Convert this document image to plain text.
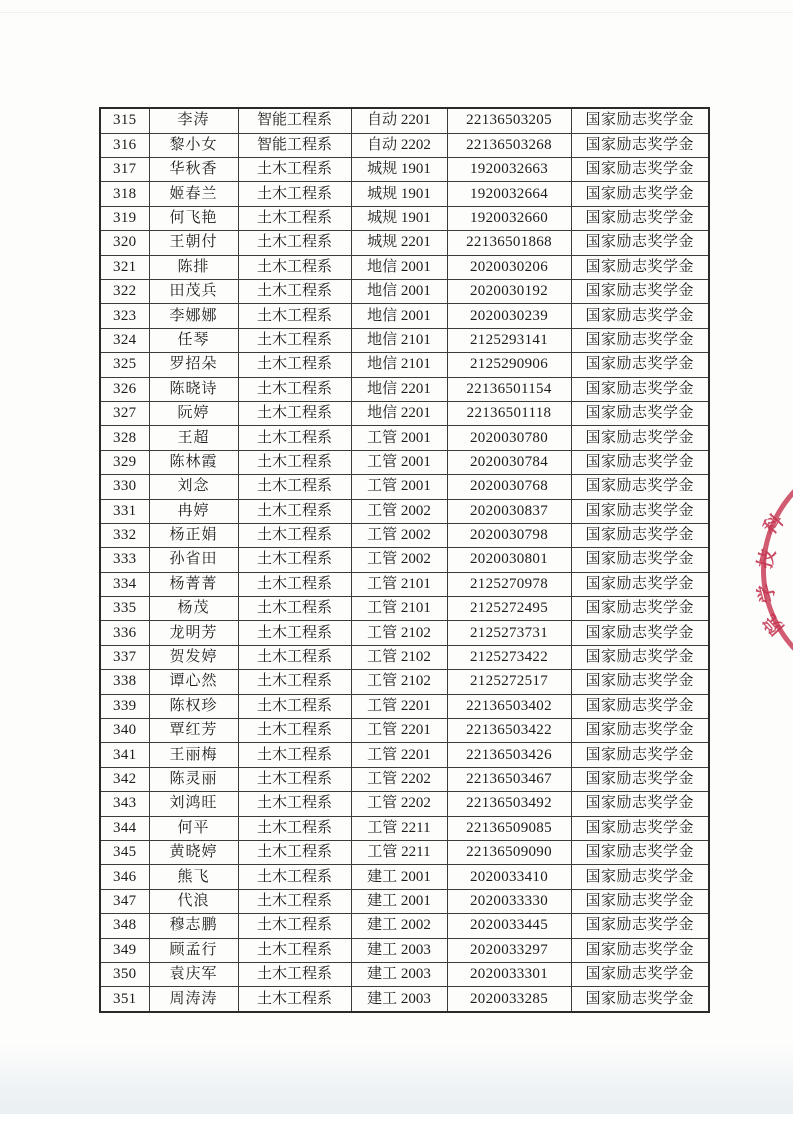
315	李涛	智能工程系	自动 2201	22136503205	国家励志奖学金
316	黎小女	智能工程系	自动 2202	22136503268	国家励志奖学金
317	华秋香	土木工程系	城规 1901	1920032663	国家励志奖学金
318	姬春兰	土木工程系	城规 1901	1920032664	国家励志奖学金
319	何飞艳	土木工程系	城规 1901	1920032660	国家励志奖学金
320	王朝付	土木工程系	城规 2201	22136501868	国家励志奖学金
321	陈排	土木工程系	地信 2001	2020030206	国家励志奖学金
322	田茂兵	土木工程系	地信 2001	2020030192	国家励志奖学金
323	李娜娜	土木工程系	地信 2001	2020030239	国家励志奖学金
324	任琴	土木工程系	地信 2101	2125293141	国家励志奖学金
325	罗招朵	土木工程系	地信 2101	2125290906	国家励志奖学金
326	陈晓诗	土木工程系	地信 2201	22136501154	国家励志奖学金
327	阮婷	土木工程系	地信 2201	22136501118	国家励志奖学金
328	王超	土木工程系	工管 2001	2020030780	国家励志奖学金
329	陈林霞	土木工程系	工管 2001	2020030784	国家励志奖学金
330	刘念	土木工程系	工管 2001	2020030768	国家励志奖学金
331	冉婷	土木工程系	工管 2002	2020030837	国家励志奖学金
332	杨正娟	土木工程系	工管 2002	2020030798	国家励志奖学金
333	孙省田	土木工程系	工管 2002	2020030801	国家励志奖学金
334	杨菁菁	土木工程系	工管 2101	2125270978	国家励志奖学金
335	杨茂	土木工程系	工管 2101	2125272495	国家励志奖学金
336	龙明芳	土木工程系	工管 2102	2125273731	国家励志奖学金
337	贺发婷	土木工程系	工管 2102	2125273422	国家励志奖学金
338	谭心然	土木工程系	工管 2102	2125272517	国家励志奖学金
339	陈权珍	土木工程系	工管 2201	22136503402	国家励志奖学金
340	覃红芳	土木工程系	工管 2201	22136503422	国家励志奖学金
341	王丽梅	土木工程系	工管 2201	22136503426	国家励志奖学金
342	陈灵丽	土木工程系	工管 2202	22136503467	国家励志奖学金
343	刘鸿旺	土木工程系	工管 2202	22136503492	国家励志奖学金
344	何平	土木工程系	工管 2211	22136509085	国家励志奖学金
345	黄晓婷	土木工程系	工管 2211	22136509090	国家励志奖学金
346	熊飞	土木工程系	建工 2001	2020033410	国家励志奖学金
347	代浪	土木工程系	建工 2001	2020033330	国家励志奖学金
348	穆志鹏	土木工程系	建工 2002	2020033445	国家励志奖学金
349	顾孟行	土木工程系	建工 2003	2020033297	国家励志奖学金
350	袁庆军	土木工程系	建工 2003	2020033301	国家励志奖学金
351	周涛涛	土木工程系	建工 2003	2020033285	国家励志奖学金
科
技
学
院
